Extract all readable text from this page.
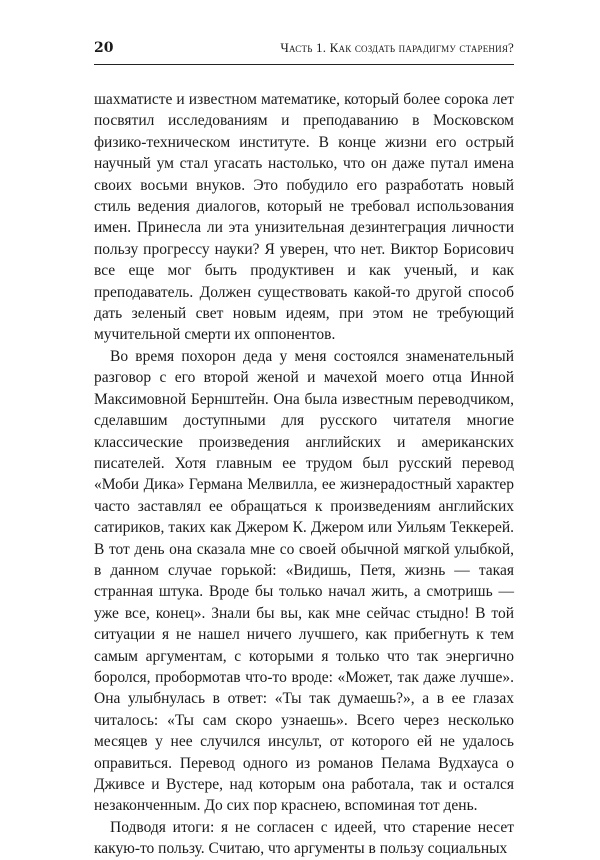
20	Часть 1. Как создать парадигму старения?

шахматисте и известном математике, который более сорока лет посвятил исследованиям и преподаванию в Московском физико-техническом институте. В конце жизни его острый научный ум стал угасать настолько, что он даже путал имена своих восьми внуков. Это побудило его разработать новый стиль ведения диалогов, который не требовал использования имен. Принесла ли эта унизительная дезинтеграция личности пользу прогрессу науки? Я уверен, что нет. Виктор Борисович все еще мог быть продуктивен и как ученый, и как преподаватель. Должен существовать какой-то другой способ дать зеленый свет новым идеям, при этом не требующий мучительной смерти их оппонентов.

Во время похорон деда у меня состоялся знаменательный разговор с его второй женой и мачехой моего отца Инной Максимовной Бернштейн. Она была известным переводчиком, сделавшим доступными для русского читателя многие классические произведения английских и американских писателей. Хотя главным ее трудом был русский перевод «Моби Дика» Германа Мелвилла, ее жизнерадостный характер часто заставлял ее обращаться к произведениям английских сатириков, таких как Джером К. Джером или Уильям Теккерей. В тот день она сказала мне со своей обычной мягкой улыбкой, в данном случае горькой: «Видишь, Петя, жизнь — такая странная штука. Вроде бы только начал жить, а смотришь — уже все, конец». Знали бы вы, как мне сейчас стыдно! В той ситуации я не нашел ничего лучшего, как прибегнуть к тем самым аргументам, с которыми я только что так энергично боролся, пробормотав что-то вроде: «Может, так даже лучше». Она улыбнулась в ответ: «Ты так думаешь?», а в ее глазах читалось: «Ты сам скоро узнаешь». Всего через несколько месяцев у нее случился инсульт, от которого ей не удалось оправиться. Перевод одного из романов Пелама Вудхауса о Дживсе и Вустере, над которым она работала, так и остался незаконченным. До сих пор краснею, вспоминая тот день.

Подводя итоги: я не согласен с идеей, что старение несет какую-то пользу. Считаю, что аргументы в пользу социальных
